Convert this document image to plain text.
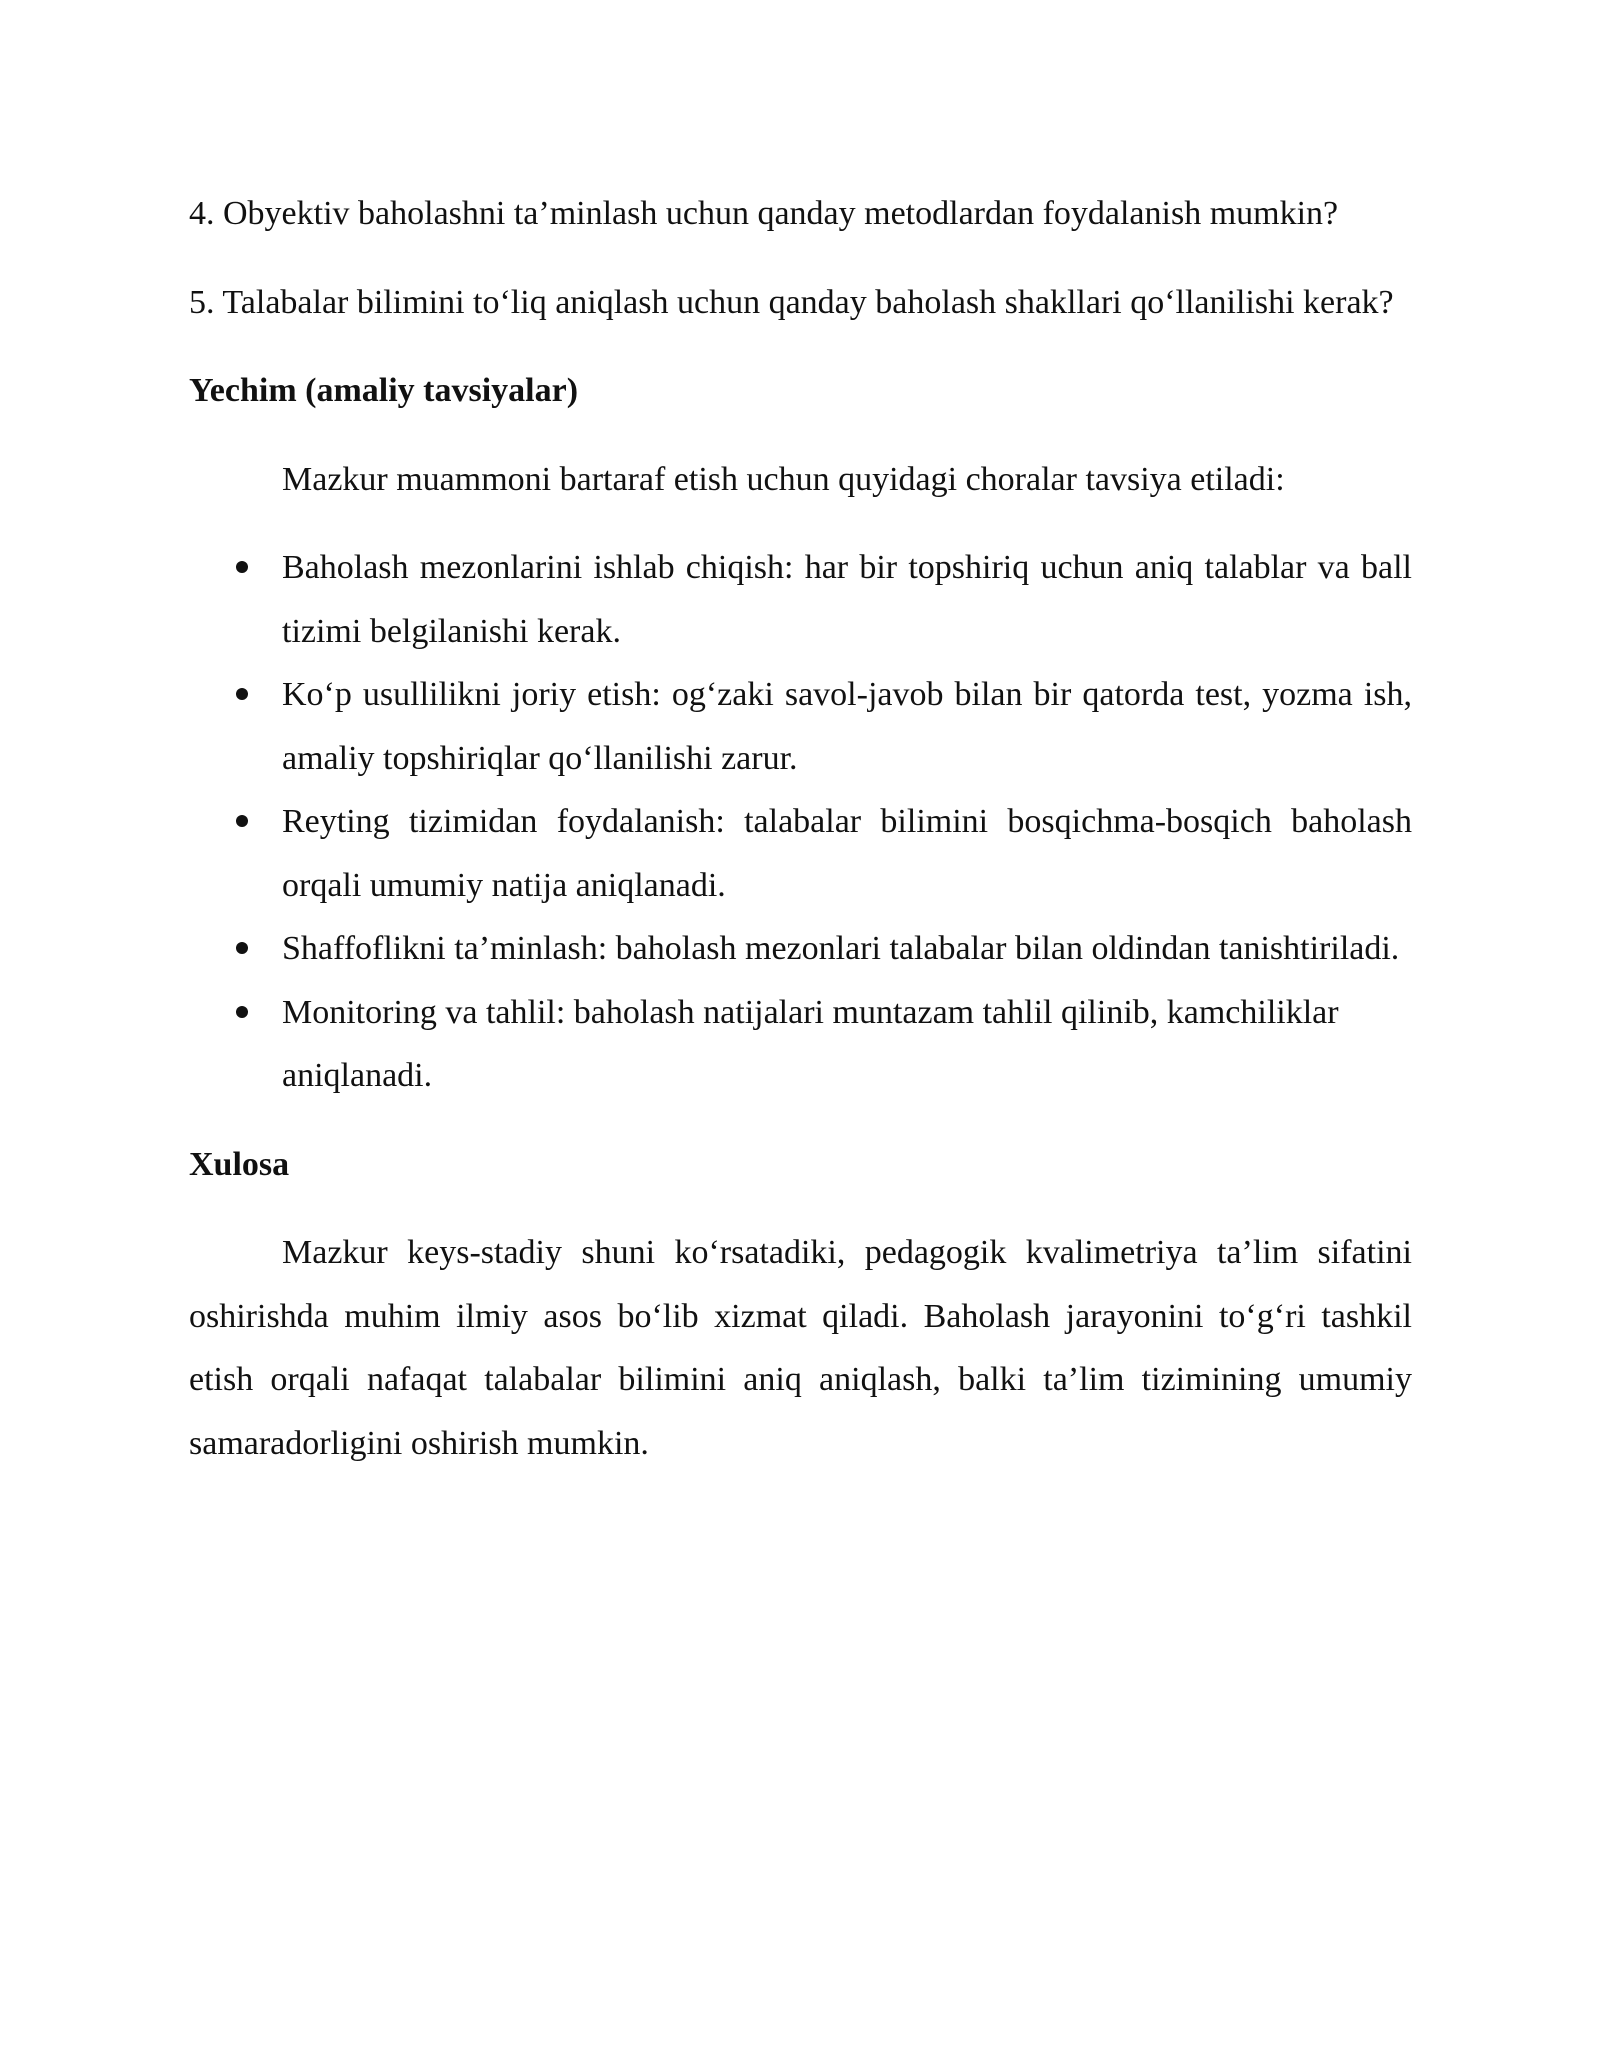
4. Obyektiv baholashni ta’minlash uchun qanday metodlardan foydalanish mumkin?

5. Talabalar bilimini to‘liq aniqlash uchun qanday baholash shakllari qo‘llanilishi kerak?

Yechim (amaliy tavsiyalar)

Mazkur muammoni bartaraf etish uchun quyidagi choralar tavsiya etiladi:

Baholash mezonlarini ishlab chiqish: har bir topshiriq uchun aniq talablar va ball tizimi belgilanishi kerak.
Ko‘p usullilikni joriy etish: og‘zaki savol-javob bilan bir qatorda test, yozma ish, amaliy topshiriqlar qo‘llanilishi zarur.
Reyting tizimidan foydalanish: talabalar bilimini bosqichma-bosqich baholash orqali umumiy natija aniqlanadi.
Shaffoflikni ta’minlash: baholash mezonlari talabalar bilan oldindan tanishtiriladi.
Monitoring va tahlil: baholash natijalari muntazam tahlil qilinib, kamchiliklar aniqlanadi.

Xulosa

Mazkur keys-stadiy shuni ko‘rsatadiki, pedagogik kvalimetriya ta’lim sifatini oshirishda muhim ilmiy asos bo‘lib xizmat qiladi. Baholash jarayonini to‘g‘ri tashkil etish orqali nafaqat talabalar bilimini aniq aniqlash, balki ta’lim tizimining umumiy samaradorligini oshirish mumkin.
